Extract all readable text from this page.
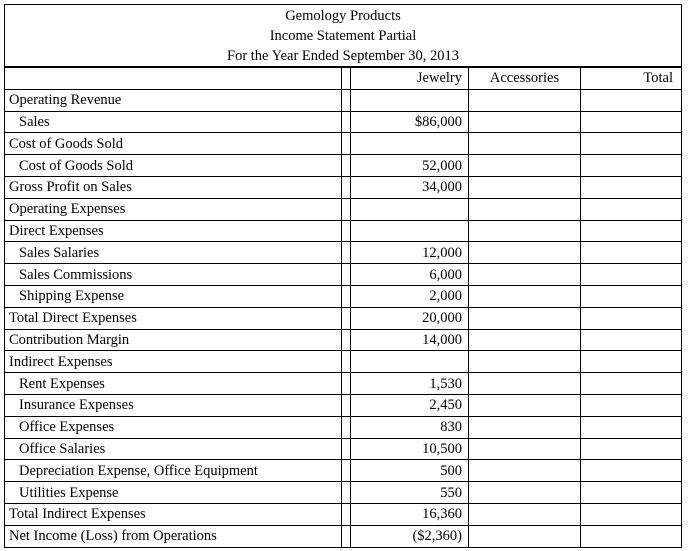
Gemology Products
Income Statement Partial
For the Year Ended September 30, 2013
		Jewelry	Accessories	Total
Operating Revenue				
Sales		$86,000		
Cost of Goods Sold				
Cost of Goods Sold		52,000		
Gross Profit on Sales		34,000		
Operating Expenses				
Direct Expenses				
Sales Salaries		12,000		
Sales Commissions		6,000		
Shipping Expense		2,000		
Total Direct Expenses		20,000		
Contribution Margin		14,000		
Indirect Expenses				
Rent Expenses		1,530		
Insurance Expenses		2,450		
Office Expenses		830		
Office Salaries		10,500		
Depreciation Expense, Office Equipment		500		
Utilities Expense		550		
Total Indirect Expenses		16,360		
Net Income (Loss) from Operations		($2,360)		
